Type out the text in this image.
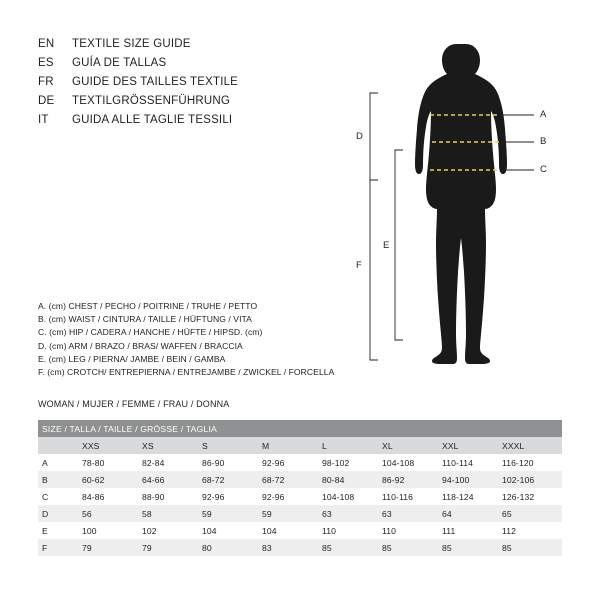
EN	TEXTILE SIZE GUIDE
ES	GUÍA DE TALLAS
FR	GUIDE DES TAILLES TEXTILE
DE	TEXTILGRÖSSENFÜHRUNG
IT	GUIDA ALLE TAGLIE TESSILI	A
B
C
D
E
F
A. (cm) CHEST / PECHO / POITRINE / TRUHE / PETTO
B. (cm) WAIST / CINTURA / TAILLE / HÜFTUNG / VITA
C. (cm) HIP / CADERA / HANCHE / HÜFTE / HIPSD. (cm)
D. (cm) ARM / BRAZO / BRAS/ WAFFEN / BRACCIA
E. (cm) LEG / PIERNA/ JAMBE / BEIN / GAMBA
F. (cm) CROTCH/ ENTREPIERNA / ENTREJAMBE / ZWICKEL / FORCELLA
WOMAN / MUJER / FEMME / FRAU / DONNA
SIZE / TALLA / TAILLE / GRÖSSE / TAGLIA								
	XXS	XS	S	M	L	XL	XXL	XXXL
A	78-80	82-84	86-90	92-96	98-102	104-108	110-114	116-120
B	60-62	64-66	68-72	68-72	80-84	86-92	94-100	102-106
C	84-86	88-90	92-96	92-96	104-108	110-116	118-124	126-132
D	56	58	59	59	63	63	64	65
E	100	102	104	104	110	110	111	112
F	79	79	80	83	85	85	85	85
